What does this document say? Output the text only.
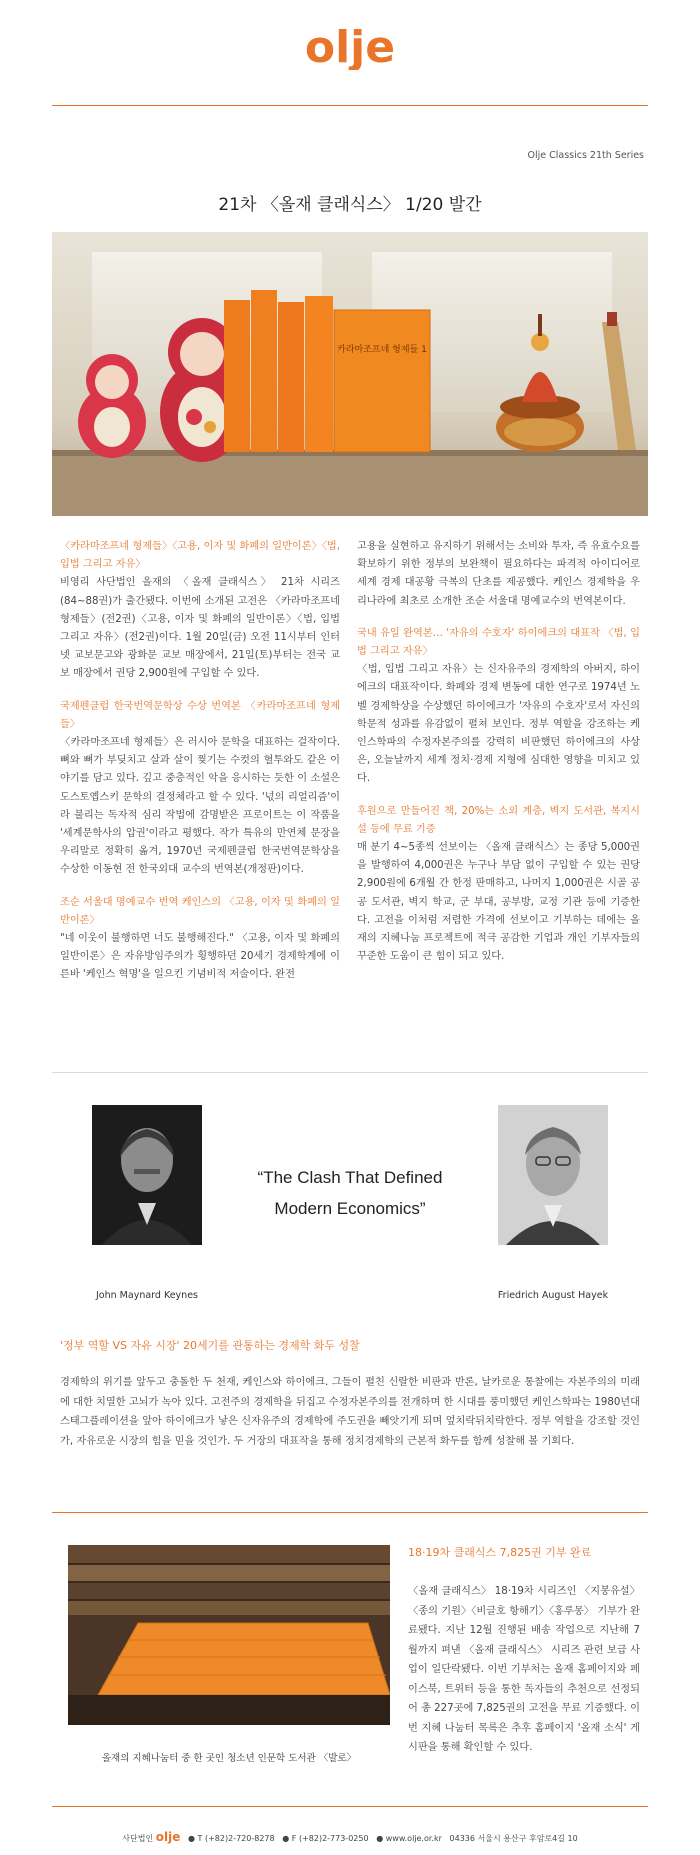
olje
Olje Classics 21th Series
21차 〈올재 클래식스〉 1/20 발간
카라마조프네 형제들 1

〈카라마조프네 형제들〉〈고용, 이자 및 화폐의 일반이론〉〈법, 입법 그리고 자유〉
비영리 사단법인 올재의 〈올재 클래식스〉 21차 시리즈(84~88권)가 출간됐다. 이번에 소개된 고전은 〈카라마조프네 형제들〉(전2권)〈고용, 이자 및 화폐의 일반이론〉〈법, 입법 그리고 자유〉(전2권)이다. 1월 20일(금) 오전 11시부터 인터넷 교보문고와 광화문 교보 매장에서, 21일(토)부터는 전국 교보 매장에서 권당 2,900원에 구입할 수 있다.

국제펜클럽 한국번역문학상 수상 번역본 〈카라마조프네 형제들〉
〈카라마조프네 형제들〉은 러시아 문학을 대표하는 걸작이다. 뼈와 뼈가 부딪치고 살과 살이 찢기는 수컷의 혈투와도 같은 이야기를 담고 있다. 깊고 중층적인 악을 응시하는 듯한 이 소설은 도스토옙스키 문학의 결정체라고 할 수 있다. '넋의 리얼리즘'이라 불리는 독자적 심리 작법에 감명받은 프로이트는 이 작품을 '세계문학사의 압권'이라고 평했다. 작가 특유의 만연체 문장을 우리말로 정확히 옮겨, 1970년 국제펜클럽 한국번역문학상을 수상한 이동현 전 한국외대 교수의 번역본(개정판)이다.

조순 서울대 명예교수 번역 케인스의 〈고용, 이자 및 화폐의 일반이론〉
"네 이웃이 불행하면 너도 불행해진다." 〈고용, 이자 및 화폐의 일반이론〉은 자유방임주의가 횡행하던 20세기 경제학계에 이른바 '케인스 혁명'을 일으킨 기념비적 저술이다. 완전

고용을 실현하고 유지하기 위해서는 소비와 투자, 즉 유효수요를 확보하기 위한 정부의 보완책이 필요하다는 파격적 아이디어로 세계 경제 대공황 극복의 단초를 제공했다. 케인스 경제학을 우리나라에 최초로 소개한 조순 서울대 명예교수의 번역본이다.

국내 유일 완역본… '자유의 수호자' 하이에크의 대표작 〈법, 입법 그리고 자유〉
〈법, 입법 그리고 자유〉는 신자유주의 경제학의 아버지, 하이에크의 대표작이다. 화폐와 경제 변동에 대한 연구로 1974년 노벨 경제학상을 수상했던 하이에크가 '자유의 수호자'로서 자신의 학문적 성과를 유감없이 펼쳐 보인다. 정부 역할을 강조하는 케인스학파의 수정자본주의를 강력히 비판했던 하이에크의 사상은, 오늘날까지 세계 정치·경제 지형에 심대한 영향을 미치고 있다.

후원으로 만들어진 책, 20%는 소외 계층, 벽지 도서관, 복지시설 등에 무료 기증
매 분기 4~5종씩 선보이는 〈올재 클래식스〉는 종당 5,000권을 발행하여 4,000권은 누구나 부담 없이 구입할 수 있는 권당 2,900원에 6개월 간 한정 판매하고, 나머지 1,000권은 시골 공공 도서관, 벽지 학교, 군 부대, 공부방, 교정 기관 등에 기증한다. 고전을 이처럼 저렴한 가격에 선보이고 기부하는 데에는 올재의 지혜나눔 프로젝트에 적극 공감한 기업과 개인 기부자들의 꾸준한 도움이 큰 힘이 되고 있다.

John Maynard Keynes
“The Clash That Defined
Modern Economics”
Friedrich August Hayek
'정부 역할 VS 자유 시장' 20세기를 관통하는 경제학 화두 성찰
경제학의 위기를 앞두고 충돌한 두 천재, 케인스와 하이에크. 그들이 펼친 신랄한 비판과 반론, 날카로운 통찰에는 자본주의의 미래에 대한 치열한 고뇌가 녹아 있다. 고전주의 경제학을 뒤집고 수정자본주의를 전개하며 한 시대를 풍미했던 케인스학파는 1980년대 스태그플레이션을 앞아 하이에크가 낳은 신자유주의 경제학에 주도권을 빼앗기게 되며 엎치락뒤치락한다. 정부 역할을 강조할 것인가, 자유로운 시장의 힘을 믿을 것인가. 두 거장의 대표작을 통해 정치경제학의 근본적 화두를 함께 성찰해 볼 기회다.
올재의 지혜나눔터 중 한 곳인 청소년 인문학 도서관 〈발로〉
18·19차 클래식스 7,825권 기부 완료
〈올재 클래식스〉 18·19차 시리즈인 〈지봉유설〉〈종의 기원〉〈비글호 항해기〉〈홍루몽〉 기부가 완료됐다. 지난 12월 진행된 배송 작업으로 지난해 7월까지 펴낸 〈올재 클래식스〉 시리즈 관련 보급 사업이 일단락됐다. 이번 기부처는 올재 홈페이지와 페이스북, 트위터 등을 통한 독자들의 추천으로 선정되어 총 227곳에 7,825권의 고전을 무료 기증했다. 이번 지혜 나눔터 목록은 추후 홈페이지 '올재 소식' 게시판을 통해 확인할 수 있다.
사단법인 olje ● T (+82)2-720-8278 ● F (+82)2-773-0250 ● www.olje.or.kr 04336 서울시 용산구 후암로4길 10
